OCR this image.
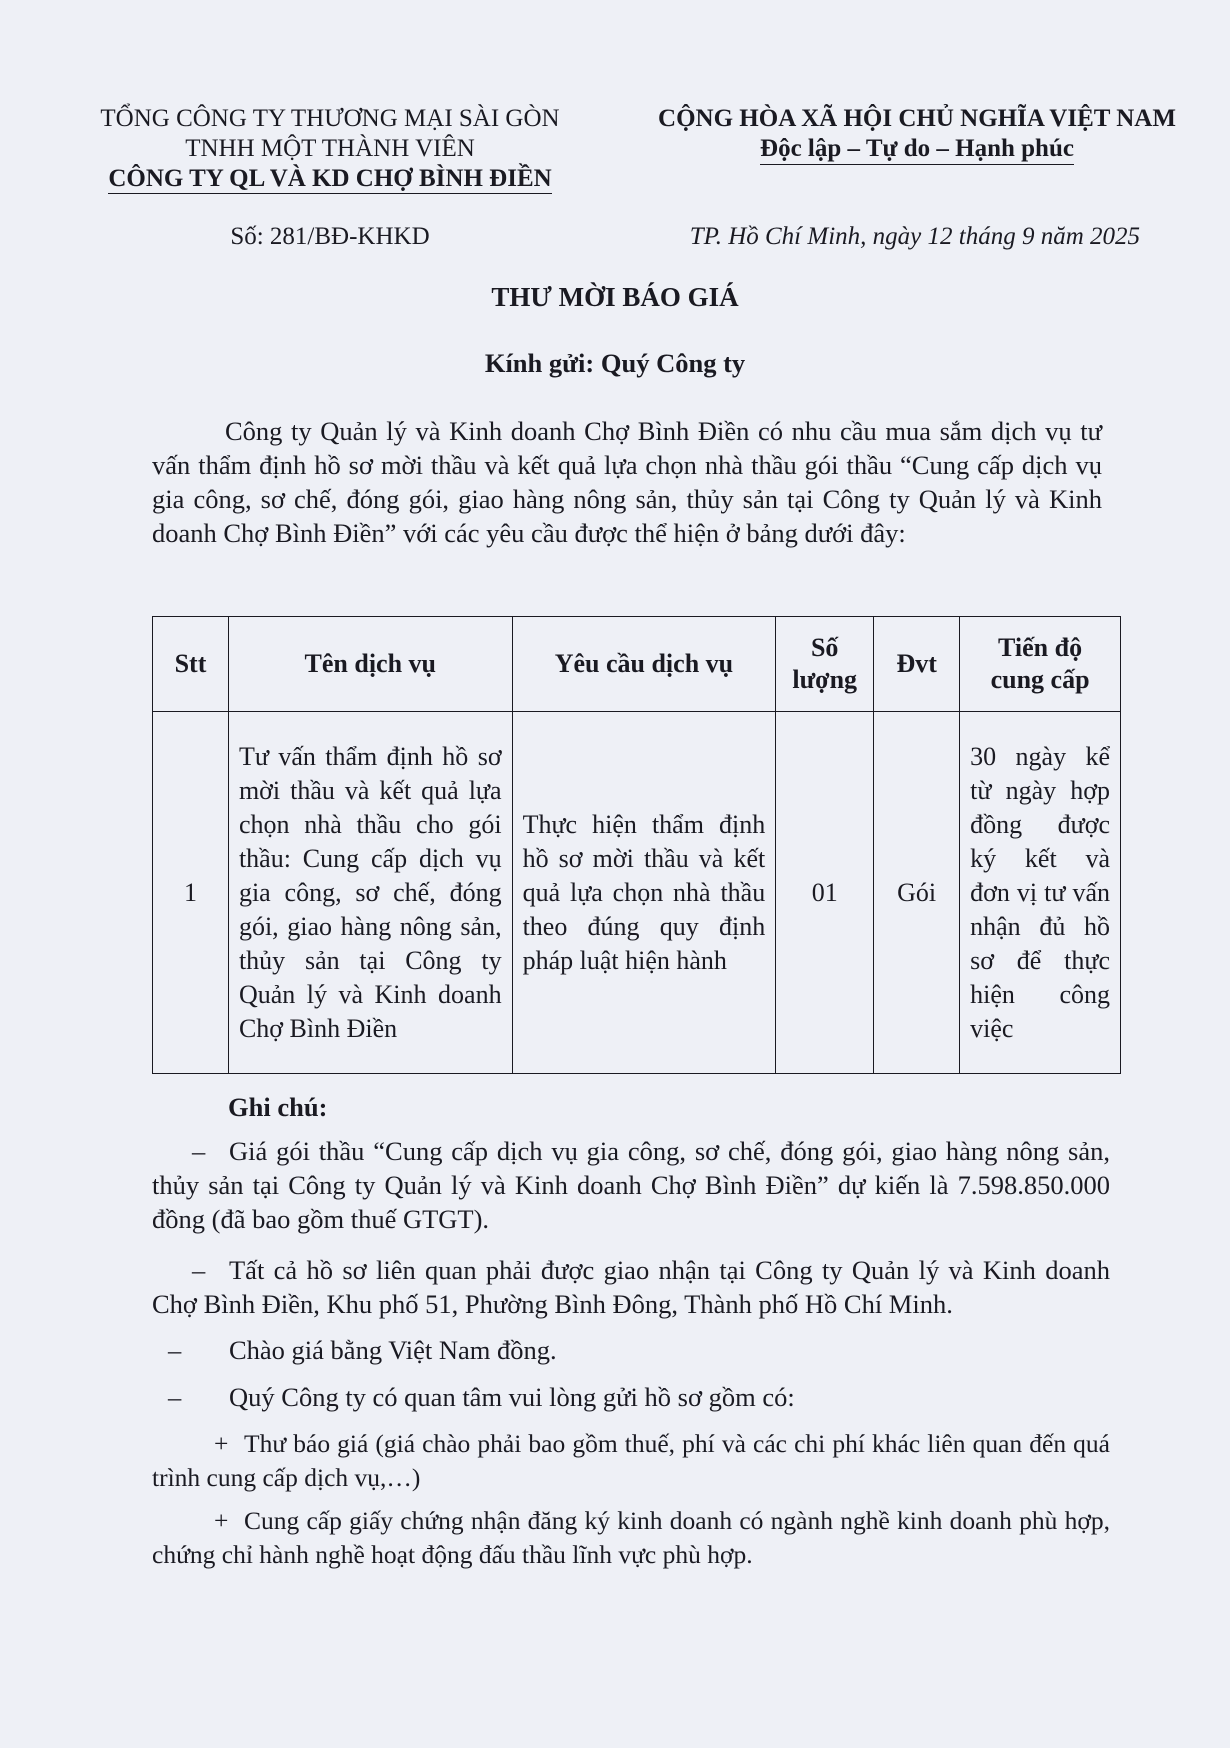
TỔNG CÔNG TY THƯƠNG MẠI SÀI GÒN
TNHH MỘT THÀNH VIÊN
CÔNG TY QL VÀ KD CHỢ BÌNH ĐIỀN
Số: 281/BĐ-KHKD
CỘNG HÒA XÃ HỘI CHỦ NGHĨA VIỆT NAM
Độc lập – Tự do – Hạnh phúc
TP. Hồ Chí Minh, ngày 12 tháng 9 năm 2025
THƯ MỜI BÁO GIÁ
Kính gửi: Quý Công ty
Công ty Quản lý và Kinh doanh Chợ Bình Điền có nhu cầu mua sắm dịch vụ tư vấn thẩm định hồ sơ mời thầu và kết quả lựa chọn nhà thầu gói thầu “Cung cấp dịch vụ gia công, sơ chế, đóng gói, giao hàng nông sản, thủy sản tại Công ty Quản lý và Kinh doanh Chợ Bình Điền” với các yêu cầu được thể hiện ở bảng dưới đây:
Stt	Tên dịch vụ	Yêu cầu dịch vụ	Số lượng	Đvt	Tiến độ cung cấp
1	Tư vấn thẩm định hồ sơ mời thầu và kết quả lựa chọn nhà thầu cho gói thầu: Cung cấp dịch vụ gia công, sơ chế, đóng gói, giao hàng nông sản, thủy sản tại Công ty Quản lý và Kinh doanh Chợ Bình Điền	Thực hiện thẩm định hồ sơ mời thầu và kết quả lựa chọn nhà thầu theo đúng quy định pháp luật hiện hành	01	Gói	30 ngày kể từ ngày hợp đồng được ký kết và đơn vị tư vấn nhận đủ hồ sơ để thực hiện công việc
Ghi chú:
– Giá gói thầu “Cung cấp dịch vụ gia công, sơ chế, đóng gói, giao hàng nông sản, thủy sản tại Công ty Quản lý và Kinh doanh Chợ Bình Điền” dự kiến là 7.598.850.000 đồng (đã bao gồm thuế GTGT).
– Tất cả hồ sơ liên quan phải được giao nhận tại Công ty Quản lý và Kinh doanh Chợ Bình Điền, Khu phố 51, Phường Bình Đông, Thành phố Hồ Chí Minh.
– Chào giá bằng Việt Nam đồng.
– Quý Công ty có quan tâm vui lòng gửi hồ sơ gồm có:
+ Thư báo giá (giá chào phải bao gồm thuế, phí và các chi phí khác liên quan đến quá trình cung cấp dịch vụ,…)
+ Cung cấp giấy chứng nhận đăng ký kinh doanh có ngành nghề kinh doanh phù hợp, chứng chỉ hành nghề hoạt động đấu thầu lĩnh vực phù hợp.
